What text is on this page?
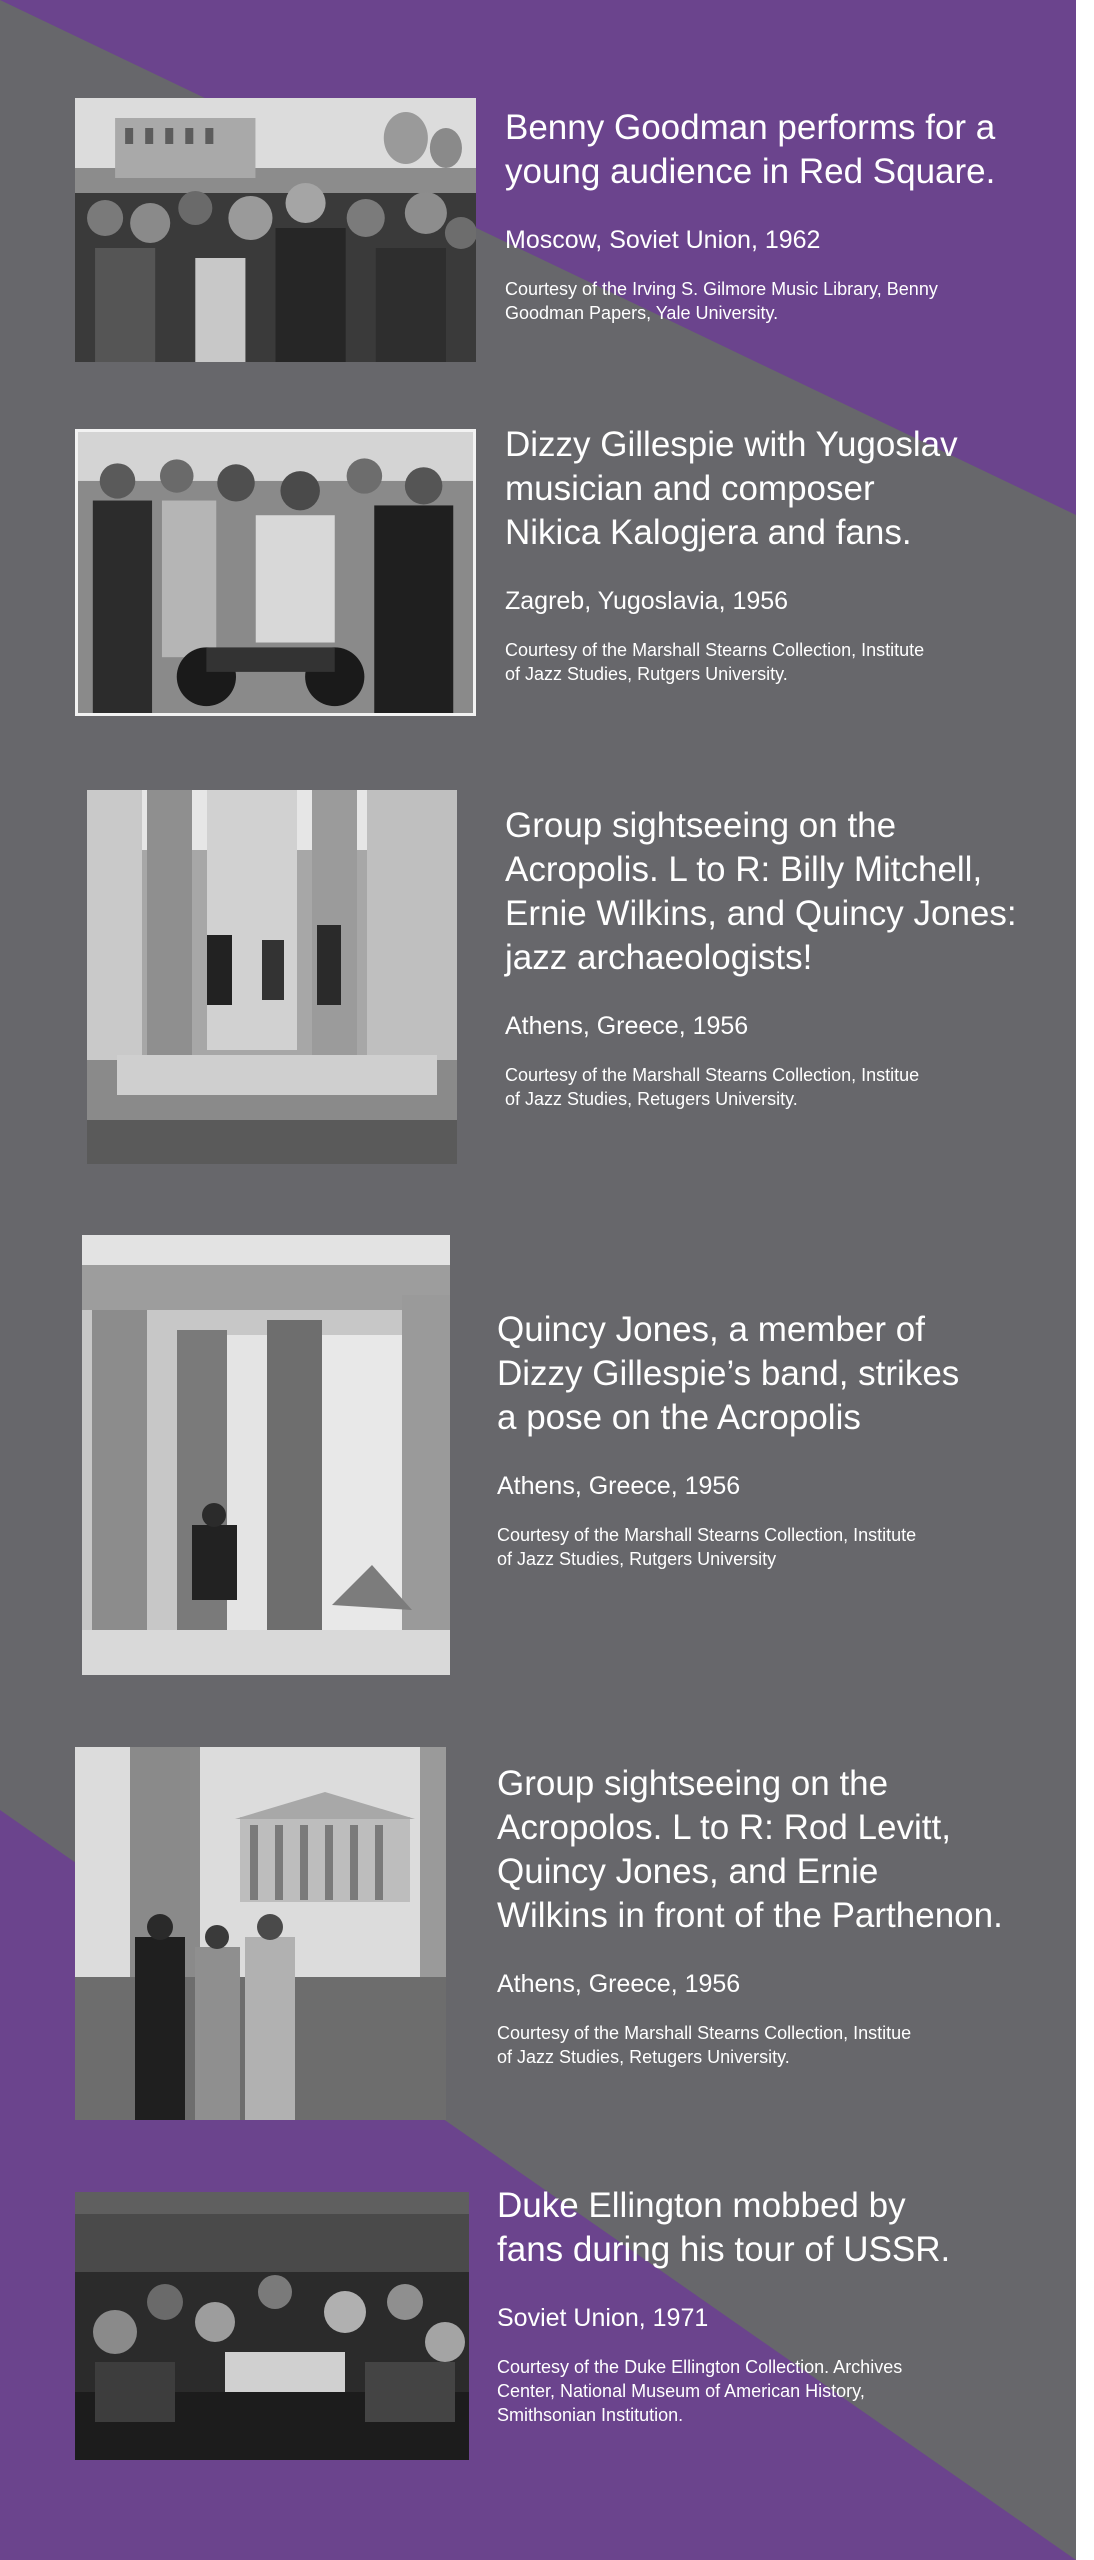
Benny Goodman performs for a
young audience in Red Square.

Moscow, Soviet Union, 1962

Courtesy of the Irving S. Gilmore Music Library, Benny
Goodman Papers, Yale University.

Dizzy Gillespie with Yugoslav
musician and composer
Nikica Kalogjera and fans.

Zagreb, Yugoslavia, 1956

Courtesy of the Marshall Stearns Collection, Institute
of Jazz Studies, Rutgers University.

Group sightseeing on the
Acropolis. L to R: Billy Mitchell,
Ernie Wilkins, and Quincy Jones:
jazz archaeologists!

Athens, Greece, 1956

Courtesy of the Marshall Stearns Collection, Institue
of Jazz Studies, Retugers University.

Quincy Jones, a member of
Dizzy Gillespie’s band, strikes
a pose on the Acropolis

Athens, Greece, 1956

Courtesy of the Marshall Stearns Collection, Institute
of Jazz Studies, Rutgers University

Group sightseeing on the
Acropolos. L to R: Rod Levitt,
Quincy Jones, and Ernie
Wilkins in front of the Parthenon.

Athens, Greece, 1956

Courtesy of the Marshall Stearns Collection, Institue
of Jazz Studies, Retugers University.

Duke Ellington mobbed by
fans during his tour of USSR.

Soviet Union, 1971

Courtesy of the Duke Ellington Collection. Archives
Center, National Museum of American History,
Smithsonian Institution.
